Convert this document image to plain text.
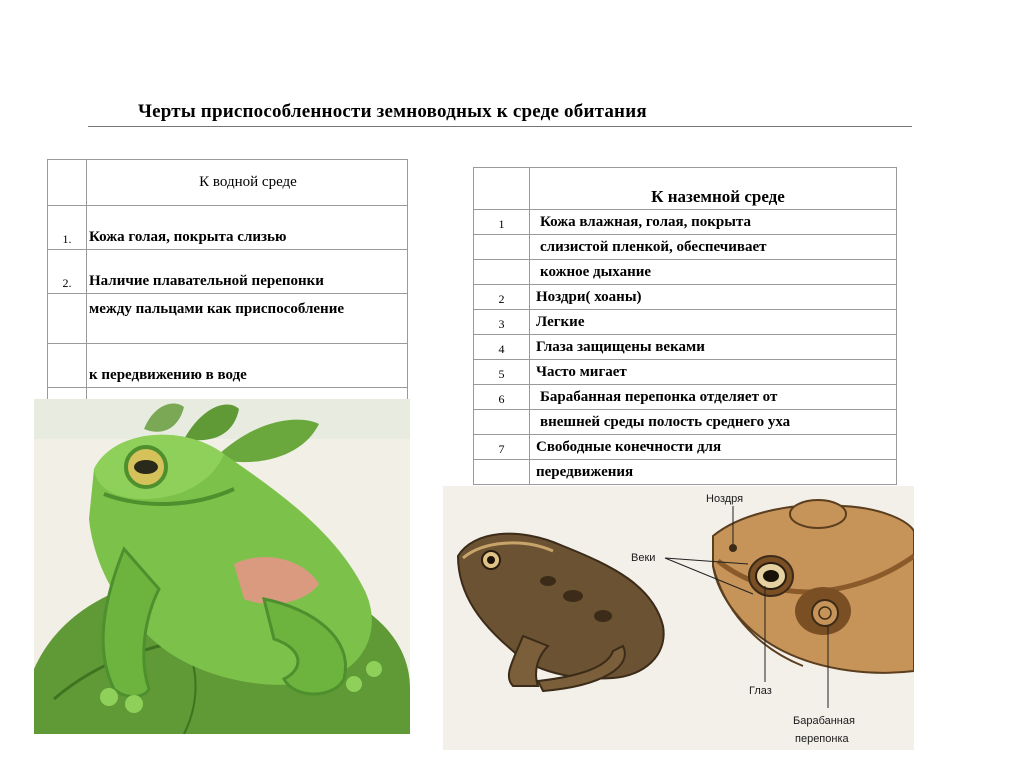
Черты приспособленности земноводных к среде обитания
	К водной среде
1.	Кожа голая, покрыта слизью
2.	Наличие плавательной перепонки
	между пальцами как приспособление
	к передвижению в воде

	К наземной среде
1	Кожа влажная, голая, покрыта
	слизистой пленкой, обеспечивает
	кожное дыхание
2	Ноздри( хоаны)
3	Легкие
4	Глаза защищены веками
5	Часто мигает
6	Барабанная перепонка отделяет от
	внешней среды полость среднего уха
7	Свободные конечности для
	передвижения
Ноздря
Веки
Глаз
Барабанная
перепонка
